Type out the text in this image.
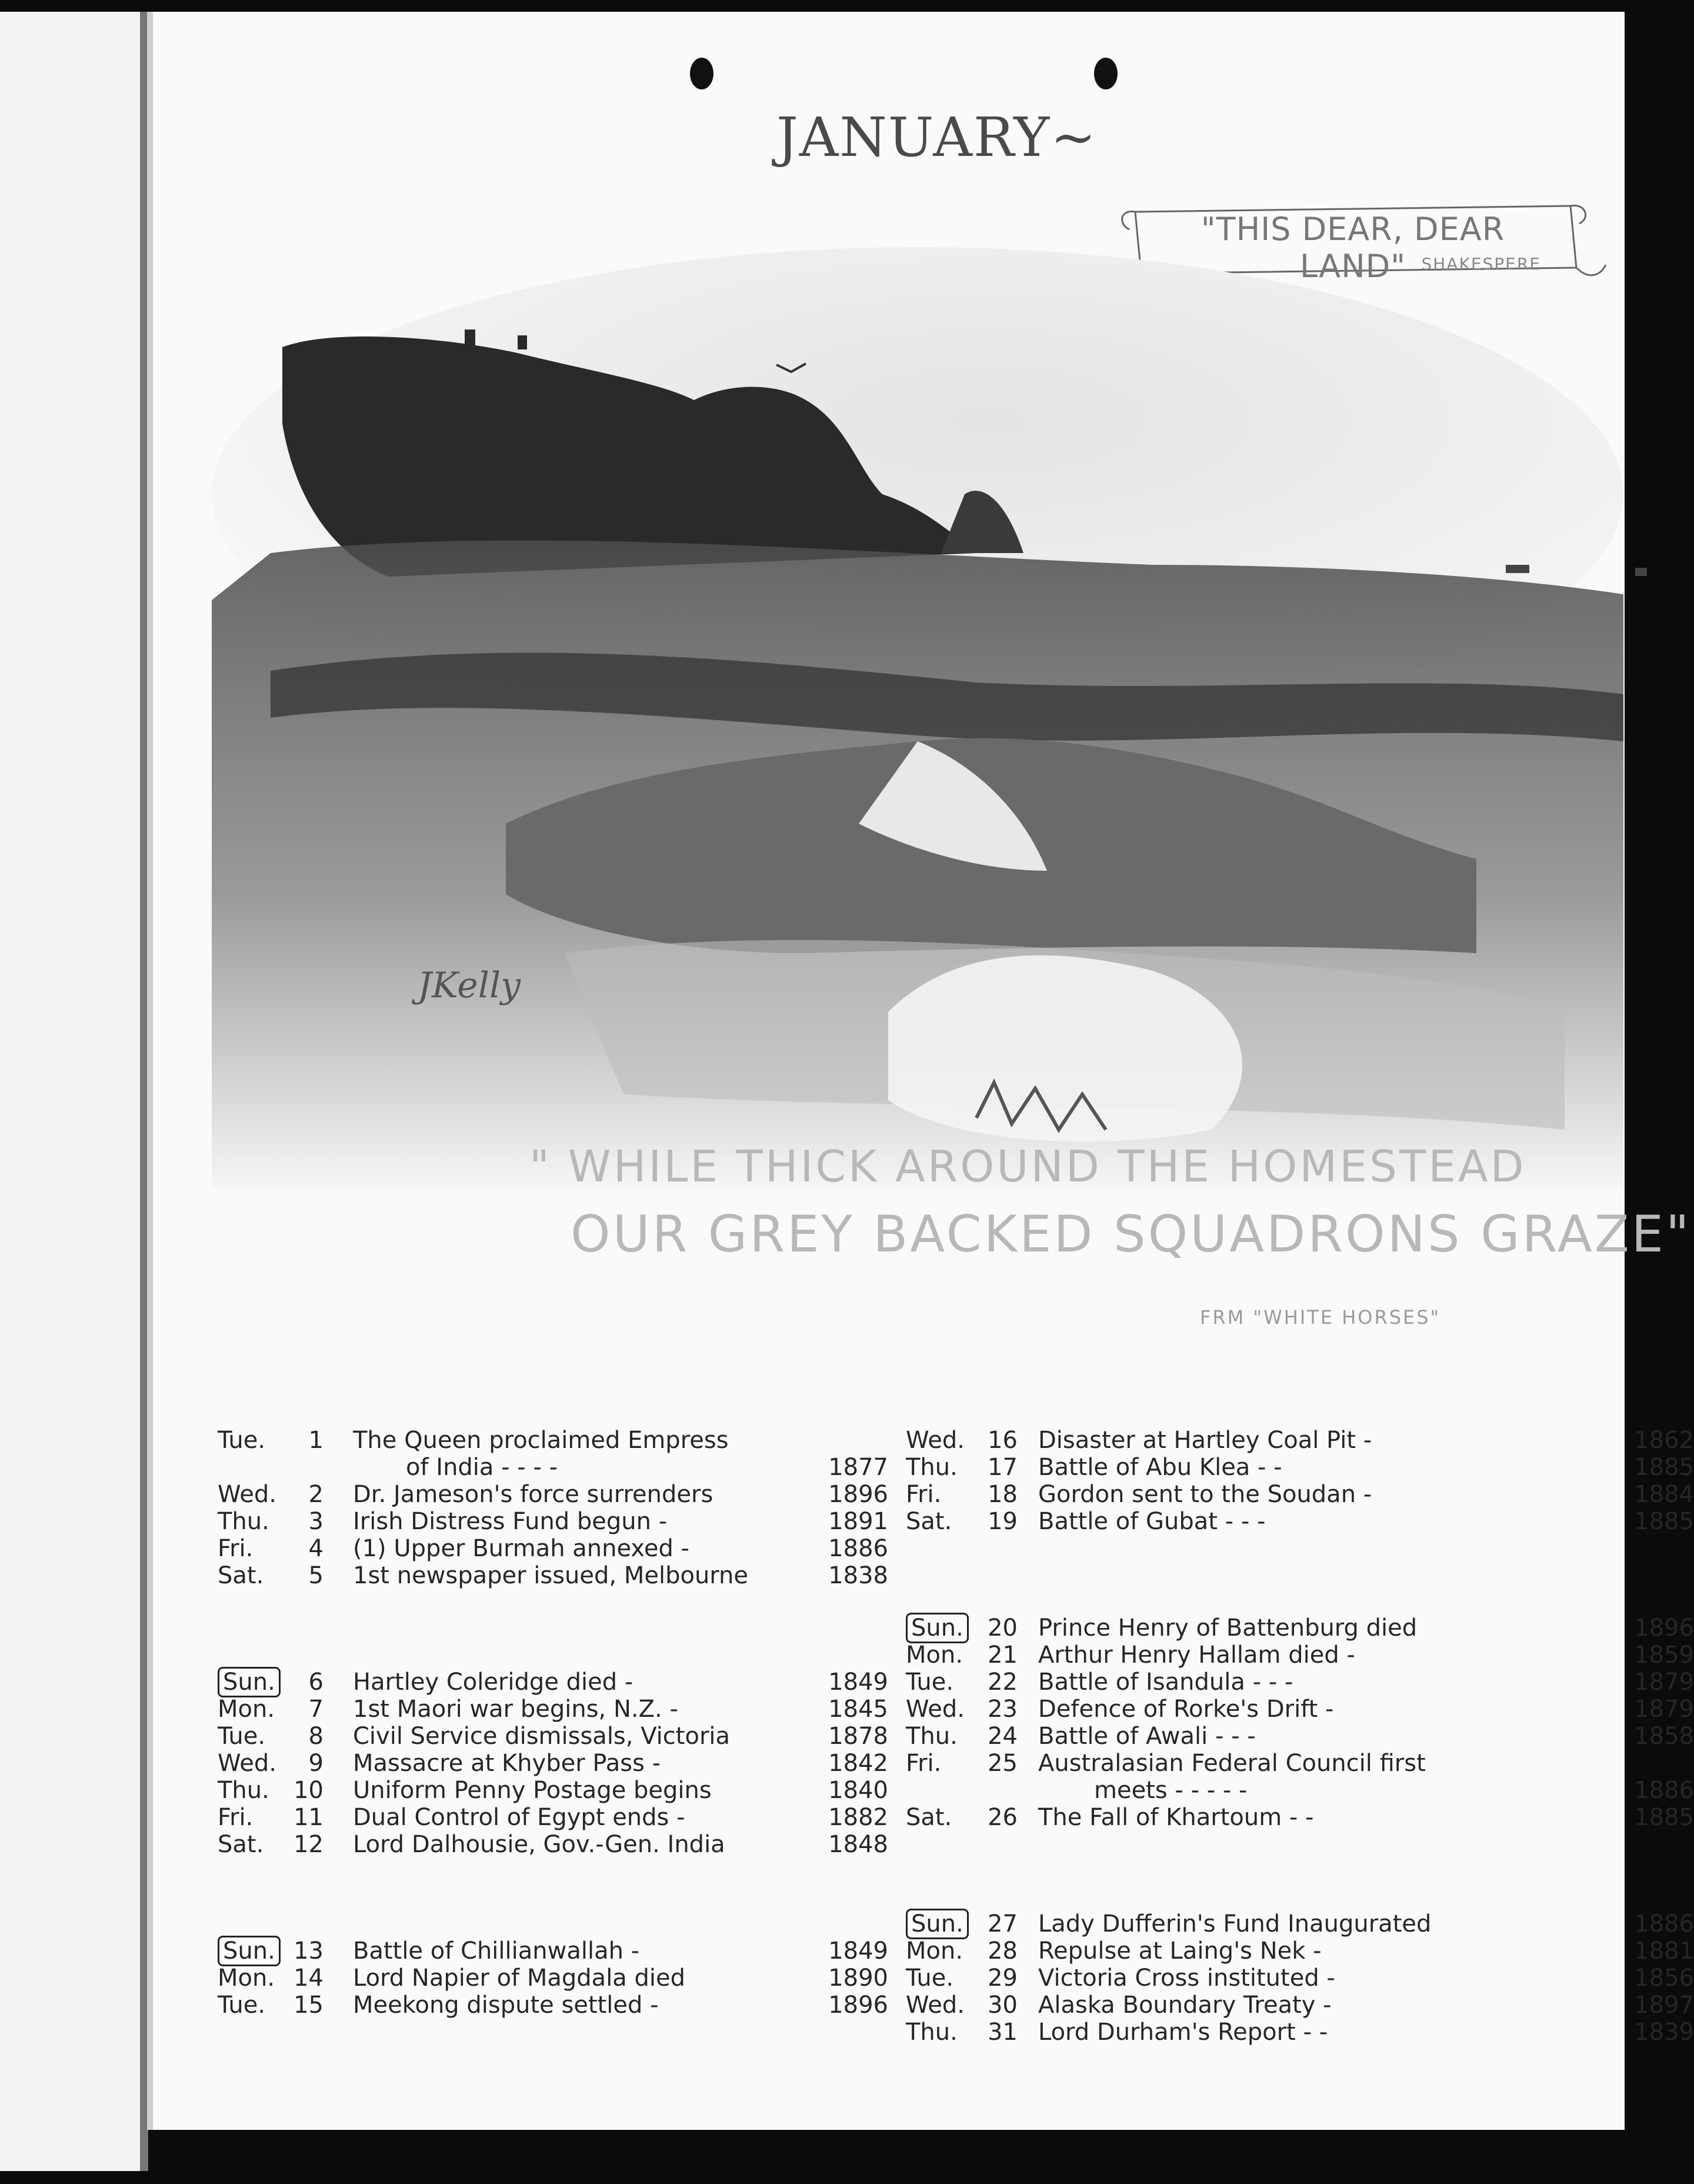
JANUARY~
"THIS DEAR, DEAR LAND" SHAKESPERE
JKelly
" WHILE THICK AROUND THE HOMESTEAD
OUR GREY BACKED SQUADRONS GRAZE"
FRM "WHITE HORSES"
Tue.	1 The Queen proclaimed Empress
of India - - - -	1877
Wed.	2 Dr. Jameson's force surrenders	1896
Thu.	3 Irish Distress Fund begun -	1891
Fri.	4 (1) Upper Burmah annexed -	1886
Sat.	5 1st newspaper issued, Melbourne	1838
Sun.	6 Hartley Coleridge died -	1849
Mon.	7 1st Maori war begins, N.Z. -	1845
Tue.	8 Civil Service dismissals, Victoria	1878
Wed.	9 Massacre at Khyber Pass -	1842
Thu.	10 Uniform Penny Postage begins	1840
Fri.	11 Dual Control of Egypt ends -	1882
Sat.	12 Lord Dalhousie, Gov.-Gen. India	1848
Sun. 13 Battle of Chillianwallah -	1849
Mon. 14 Lord Napier of Magdala died	1890
Tue.	15 Meekong dispute settled -	1896
Wed. 16 Disaster at Hartley Coal Pit -	1862
Thu.	17 Battle of Abu Klea - -	1885
Fri.	18 Gordon sent to the Soudan -	1884
Sat.	19 Battle of Gubat - - -	1885
Sun.	20 Prince Henry of Battenburg died	1896
Mon.	21 Arthur Henry Hallam died -	1859
Tue.	22 Battle of Isandula - - -	1879
Wed. 23 Defence of Rorke's Drift -	1879
Thu.	24 Battle of Awali - - -	1858
Fri.	25 Australasian Federal Council first
meets - - - - -	1886
Sat.	26 The Fall of Khartoum - -	1885
Sun.	27 Lady Dufferin's Fund Inaugurated	1886
Mon.	28 Repulse at Laing's Nek -	1881
Tue.	29 Victoria Cross instituted -	1856
Wed. 30 Alaska Boundary Treaty -	1897
Thu.	31 Lord Durham's Report - -	1839
